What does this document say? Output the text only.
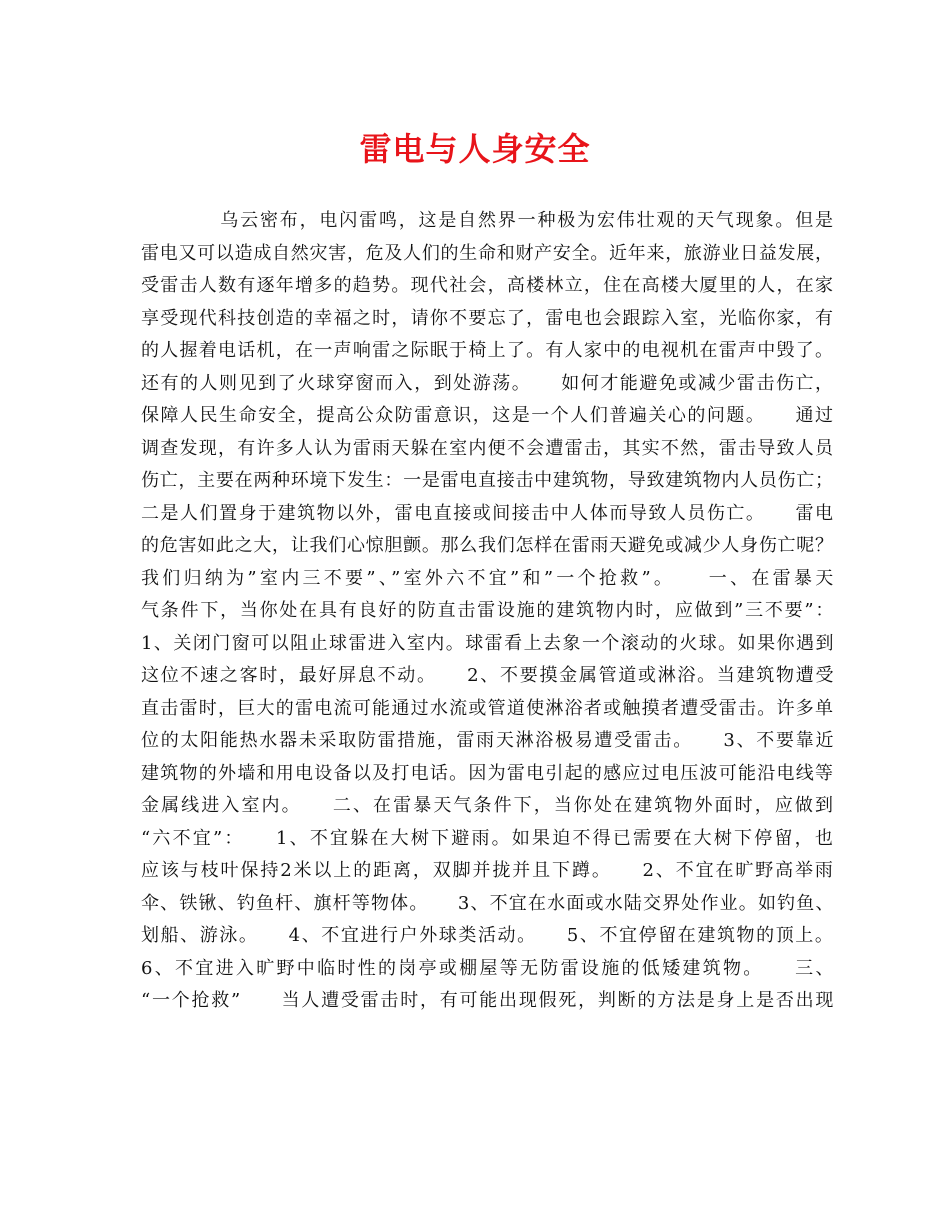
雷电与人身安全
　　　　乌云密布，电闪雷鸣，这是自然界一种极为宏伟壮观的天气现象。但是
雷电又可以造成自然灾害，危及人们的生命和财产安全。近年来，旅游业日益发展，
受雷击人数有逐年增多的趋势。现代社会，高楼林立，住在高楼大厦里的人，在家
享受现代科技创造的幸福之时，请你不要忘了，雷电也会跟踪入室，光临你家，有
的人握着电话机，在一声响雷之际眠于椅上了。有人家中的电视机在雷声中毁了。
还有的人则见到了火球穿窗而入，到处游荡。　　如何才能避免或减少雷击伤亡，
保障人民生命安全，提高公众防雷意识，这是一个人们普遍关心的问题。　　通过
调查发现，有许多人认为雷雨天躲在室内便不会遭雷击，其实不然，雷击导致人员
伤亡，主要在两种环境下发生：一是雷电直接击中建筑物，导致建筑物内人员伤亡；
二是人们置身于建筑物以外，雷电直接或间接击中人体而导致人员伤亡。　　雷电
的危害如此之大，让我们心惊胆颤。那么我们怎样在雷雨天避免或减少人身伤亡呢？
我们归纳为”室内三不要”、”室外六不宜”和”一个抢救”。　　一、在雷暴天
气条件下，当你处在具有良好的防直击雷设施的建筑物内时，应做到”三不要”：
1、关闭门窗可以阻止球雷进入室内。球雷看上去象一个滚动的火球。如果你遇到
这位不速之客时，最好屏息不动。　　2、不要摸金属管道或淋浴。当建筑物遭受
直击雷时，巨大的雷电流可能通过水流或管道使淋浴者或触摸者遭受雷击。许多单
位的太阳能热水器未采取防雷措施，雷雨天淋浴极易遭受雷击。　　3、不要靠近
建筑物的外墙和用电设备以及打电话。因为雷电引起的感应过电压波可能沿电线等
金属线进入室内。　　二、在雷暴天气条件下，当你处在建筑物外面时，应做到
“六不宜”：　　1、不宜躲在大树下避雨。如果迫不得已需要在大树下停留，也
应该与枝叶保持2米以上的距离，双脚并拢并且下蹲。　　2、不宜在旷野高举雨
伞、铁锹、钓鱼杆、旗杆等物体。　　3、不宜在水面或水陆交界处作业。如钓鱼、
划船、游泳。　　4、不宜进行户外球类活动。　　5、不宜停留在建筑物的顶上。
6、不宜进入旷野中临时性的岗亭或棚屋等无防雷设施的低矮建筑物。　　三、
“一个抢救”　　当人遭受雷击时，有可能出现假死，判断的方法是身上是否出现
